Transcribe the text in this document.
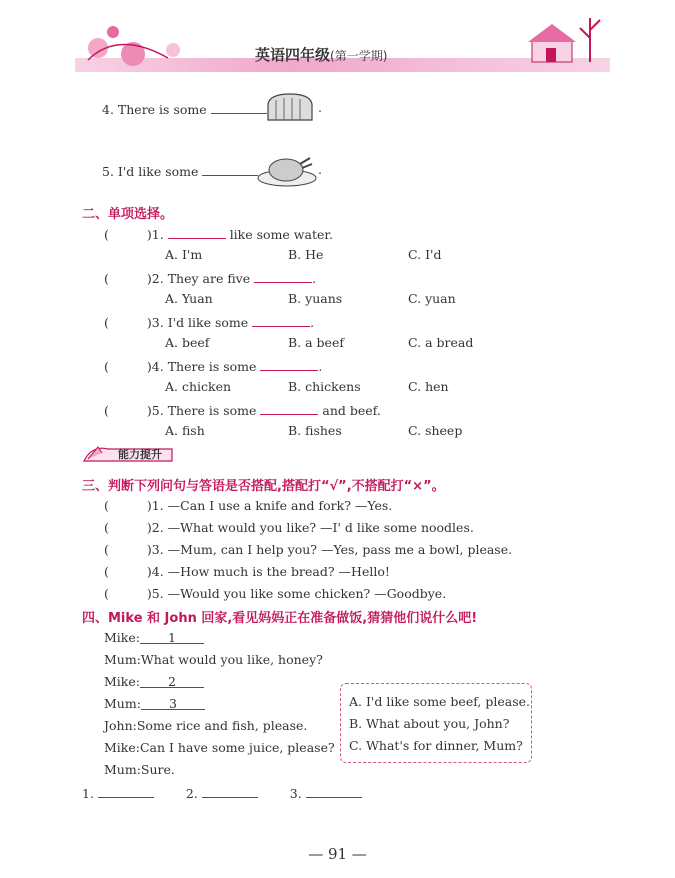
英语四年级(第一学期)
4. There is some	.
5. I'd like some	.
二、单项选择。
(	)1.	like some water.
A. I'm	B. He	C. I'd
(	)2. They are five	.
A. Yuan	B. yuans	C. yuan
(	)3. I'd like some	.
A. beef	B. a beef	C. a bread
(	)4. There is some	.
A. chicken	B. chickens	C. hen
(	)5. There is some	and beef.
A. fish	B. fishes	C. sheep
能力提升
三、判断下列问句与答语是否搭配,搭配打“√”,不搭配打“×”。
(	)1. —Can I use a knife and fork? —Yes.
(	)2. —What would you like? —I' d like some noodles.
(	)3. —Mum, can I help you? —Yes, pass me a bowl, please.
(	)4. —How much is the bread? —Hello!
(	)5. —Would you like some chicken? —Goodbye.
四、Mike 和 John 回家,看见妈妈正在准备做饭,猜猜他们说什么吧!
Mike: 1
Mum:What would you like, honey?
Mike: 2
Mum: 3
John:Some rice and fish, please.
Mike:Can I have some juice, please?
Mum:Sure.
A. I'd like some beef, please.
B. What about you, John?
C. What's for dinner, Mum?
1.	2.	3.
— 91 —
